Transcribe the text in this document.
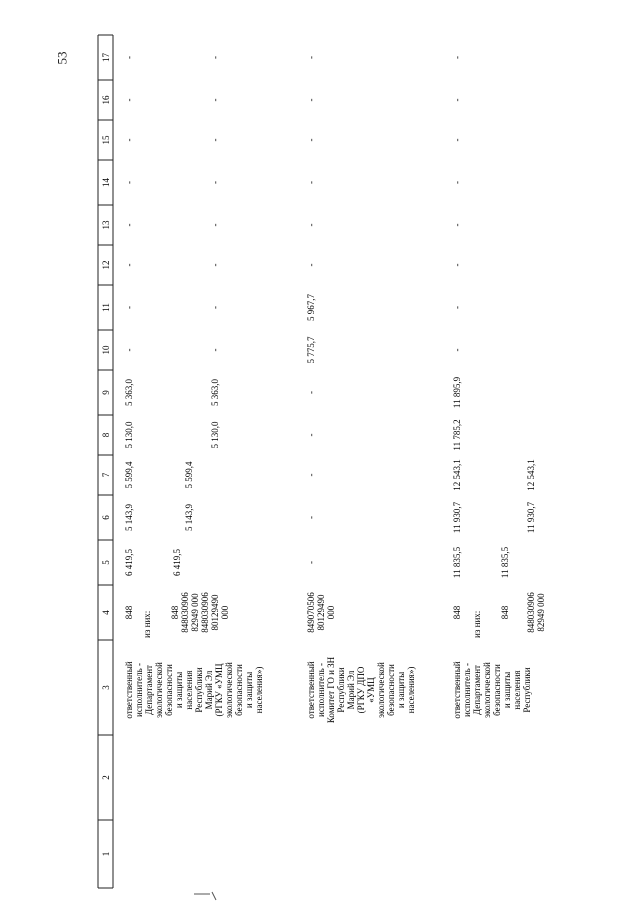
53
1
2
3
4
5
6
7
8
9
10
11
12
13
14
15
16
17
ответственный исполнитель - Департамент экологической безопасности и защиты населения Республики Марий Эл (РГКУ «УМЦ экологической безопасности и защиты населения»)
848 из них: 848 848030906 82949 000 848030906 80129490 000
6 419,5
5 143,9
5 599,4
5 130,0
5 363,0
-
-
-
-
-
-
-
-
6 419,5
5 143,9
5 599,4
5 130,0
5 363,0
-
-
-
-
-
-
-
-
ответственный исполнитель - Комитет ГО и ЗН Республики Марий Эл (РГКУ ДПО «УМЦ экологической безопасности и защиты населения»)
849070506 80129490 000
-
-
-
-
-
5 775,7
5 967,7
-
-
-
-
-
-
ответственный исполнитель - Департамент экологической безопасности и защиты населения Республики
848 из них: 848 848030906 82949 000
11 835,5
11 930,7
12 543,1
11 785,2
11 895,9
-
-
-
-
-
-
-
-
11 835,5
11 930,7
12 543,1
